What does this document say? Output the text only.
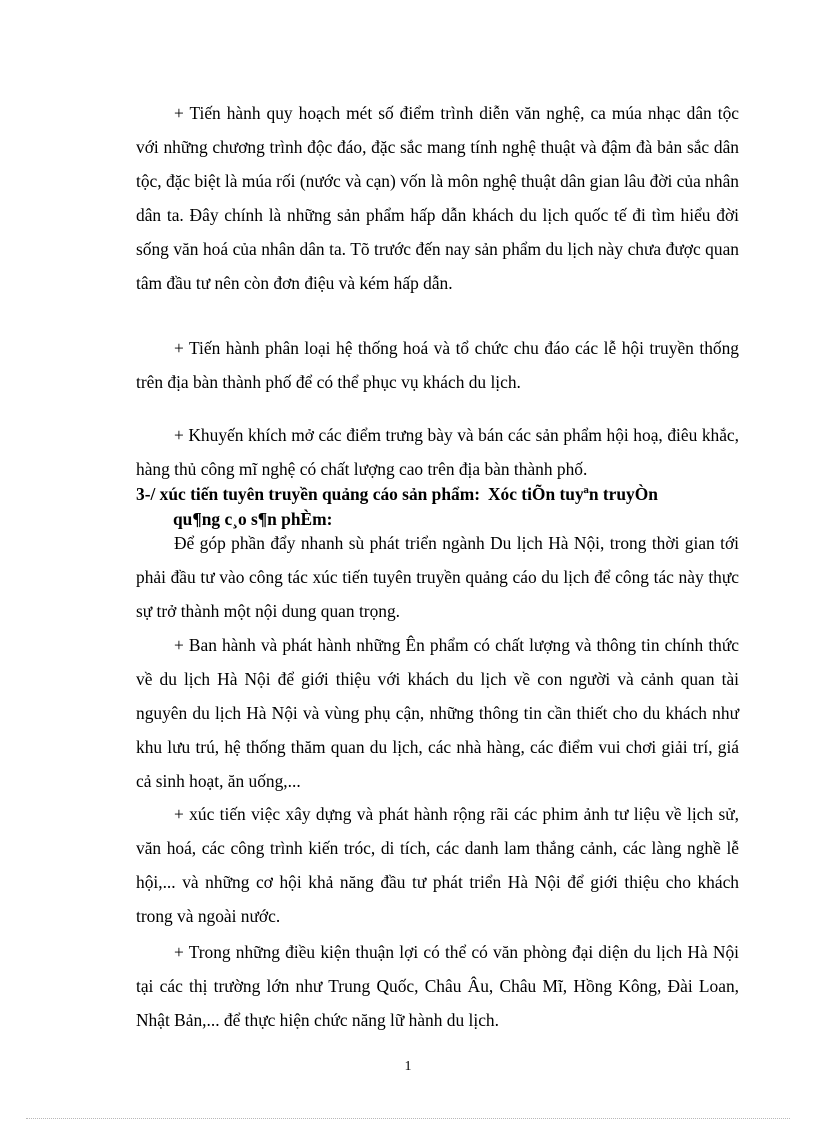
+ Tiến hành quy hoạch mét số điểm trình diễn văn nghệ, ca múa nhạc dân tộc với những chương trình độc đáo, đặc sắc mang tính nghệ thuật và đậm đà bản sắc dân tộc, đặc biệt là múa rối (nước và cạn) vốn là môn nghệ thuật dân gian lâu đời của nhân dân ta. Đây chính là những sản phẩm hấp dẫn khách du lịch quốc tế đi tìm hiểu đời sống văn hoá của nhân dân ta. Tõ trước đến nay sản phẩm du lịch này chưa được quan tâm đầu tư nên còn đơn điệu và kém hấp dẫn.

+ Tiến hành phân loại hệ thống hoá và tổ chức chu đáo các lễ hội truyền thống trên địa bàn thành phố để có thể phục vụ khách du lịch.

+ Khuyến khích mở các điểm trưng bày và bán các sản phẩm hội hoạ, điêu khắc, hàng thủ công mĩ nghệ có chất lượng cao trên địa bàn thành phố.

3-/ xúc tiến tuyên truyền quảng cáo sản phẩm: Xóc tiÕn tuyªn truyÒn
qu¶ng c¸o s¶n phÈm:

Để góp phần đẩy nhanh sù phát triển ngành Du lịch Hà Nội, trong thời gian tới phải đầu tư vào công tác xúc tiến tuyên truyền quảng cáo du lịch để công tác này thực sự trở thành một nội dung quan trọng.

+ Ban hành và phát hành những Ên phẩm có chất lượng và thông tin chính thức về du lịch Hà Nội để giới thiệu với khách du lịch về con người và cảnh quan tài nguyên du lịch Hà Nội và vùng phụ cận, những thông tin cần thiết cho du khách như khu lưu trú, hệ thống thăm quan du lịch, các nhà hàng, các điểm vui chơi giải trí, giá cả sinh hoạt, ăn uống,...

+ xúc tiến việc xây dựng và phát hành rộng rãi các phim ảnh tư liệu về lịch sử, văn hoá, các công trình kiến tróc, di tích, các danh lam thắng cảnh, các làng nghề lễ hội,... và những cơ hội khả năng đầu tư phát triển Hà Nội để giới thiệu cho khách trong và ngoài nước.

+ Trong những điều kiện thuận lợi có thể có văn phòng đại diện du lịch Hà Nội tại các thị trường lớn như Trung Quốc, Châu Âu, Châu Mĩ, Hồng Kông, Đài Loan, Nhật Bản,... để thực hiện chức năng lữ hành du lịch.

1
